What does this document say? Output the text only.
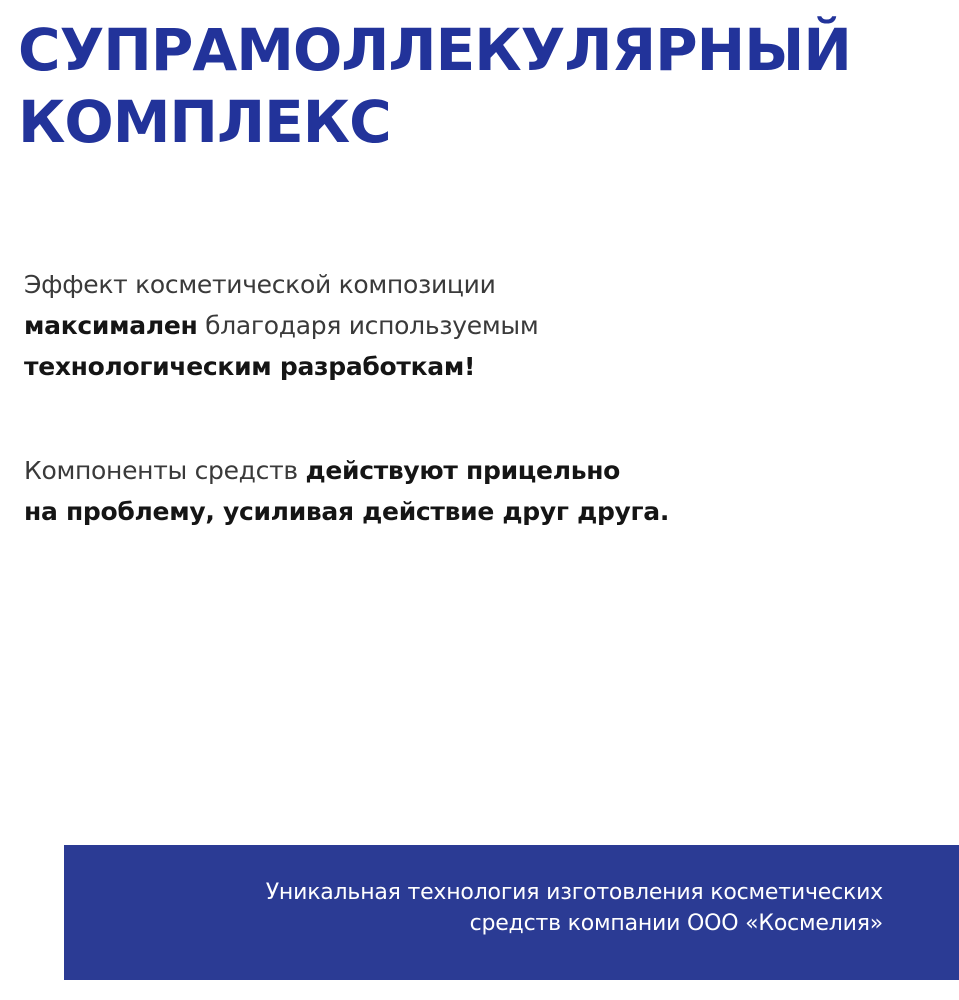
СУПРАМОЛЛЕКУЛЯРНЫЙ
КОМПЛЕКС

Эффект косметической композиции
максимален благодаря используемым
технологическим разработкам!

Компоненты средств действуют прицельно
на проблему, усиливая действие друг друга.

Уникальная технология изготовления косметических
средств компании ООО «Космелия»
